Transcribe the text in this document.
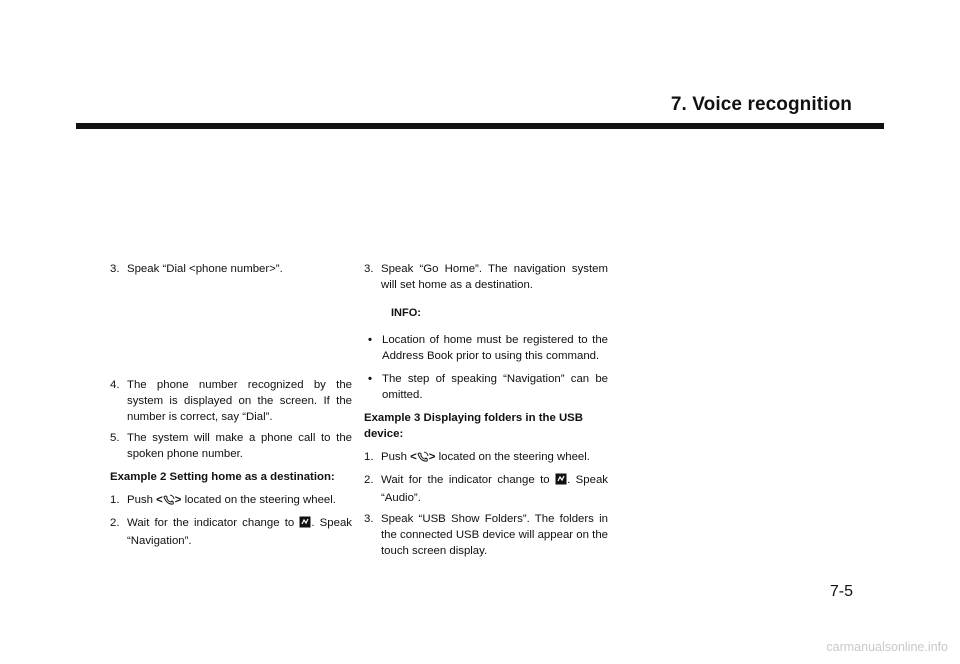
7. Voice recognition

3. Speak “Dial <phone number>”.

4. The phone number recognized by the system is displayed on the screen. If the number is correct, say “Dial”.

5. The system will make a phone call to the spoken phone number.

Example 2 Setting home as a destination:

1. Push < > located on the steering wheel.

2. Wait for the indicator change to . Speak “Navigation”.

3. Speak “Go Home”. The navigation system will set home as a destination.

INFO:

• Location of home must be registered to the Address Book prior to using this command.

• The step of speaking “Navigation” can be omitted.

Example 3 Displaying folders in the USB device:

1. Push < > located on the steering wheel.

2. Wait for the indicator change to . Speak “Audio”.

3. Speak “USB Show Folders”. The folders in the connected USB device will appear on the touch screen display.

7-5
carmanualsonline.info
